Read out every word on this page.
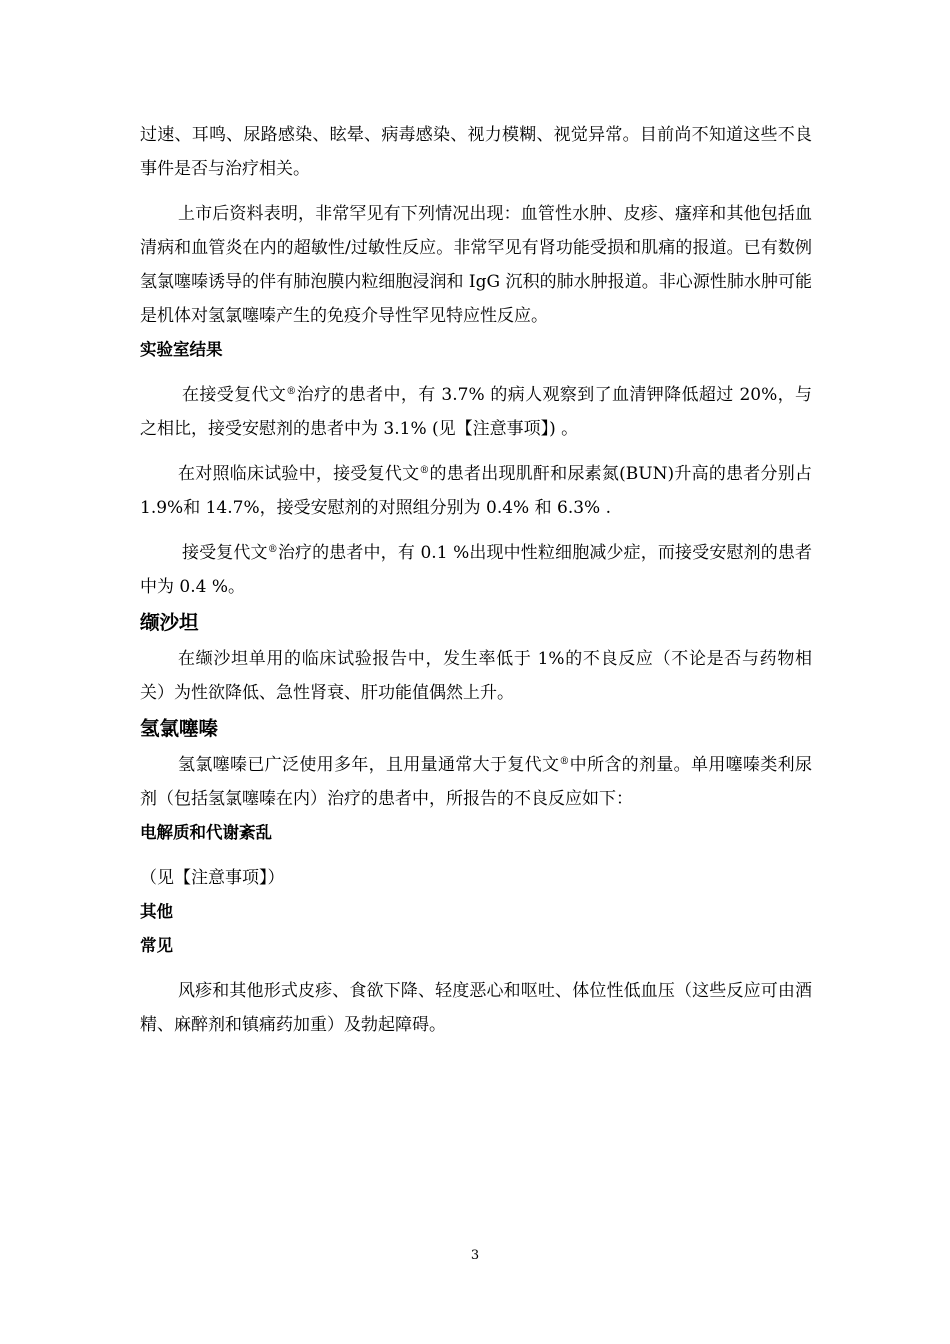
过速、耳鸣、尿路感染、眩晕、病毒感染、视力模糊、视觉异常。目前尚不知道这些不良事件是否与治疗相关。

上市后资料表明，非常罕见有下列情况出现：血管性水肿、皮疹、瘙痒和其他包括血清病和血管炎在内的超敏性/过敏性反应。非常罕见有肾功能受损和肌痛的报道。已有数例氢氯噻嗪诱导的伴有肺泡膜内粒细胞浸润和 IgG 沉积的肺水肿报道。非心源性肺水肿可能是机体对氢氯噻嗪产生的免疫介导性罕见特应性反应。

实验室结果

在接受复代文®治疗的患者中，有 3.7% 的病人观察到了血清钾降低超过 20%，与之相比，接受安慰剂的患者中为 3.1% (见【注意事项】) 。

在对照临床试验中，接受复代文®的患者出现肌酐和尿素氮(BUN)升高的患者分别占 1.9%和 14.7%，接受安慰剂的对照组分别为 0.4% 和 6.3% .

接受复代文®治疗的患者中，有 0.1 %出现中性粒细胞减少症，而接受安慰剂的患者中为 0.4 %。

缬沙坦

在缬沙坦单用的临床试验报告中，发生率低于 1%的不良反应（不论是否与药物相关）为性欲降低、急性肾衰、肝功能值偶然上升。

氢氯噻嗪

氢氯噻嗪已广泛使用多年，且用量通常大于复代文®中所含的剂量。单用噻嗪类利尿剂（包括氢氯噻嗪在内）治疗的患者中，所报告的不良反应如下：

电解质和代谢紊乱

（见【注意事项】）

其他

常见

风疹和其他形式皮疹、食欲下降、轻度恶心和呕吐、体位性低血压（这些反应可由酒精、麻醉剂和镇痛药加重）及勃起障碍。

3
